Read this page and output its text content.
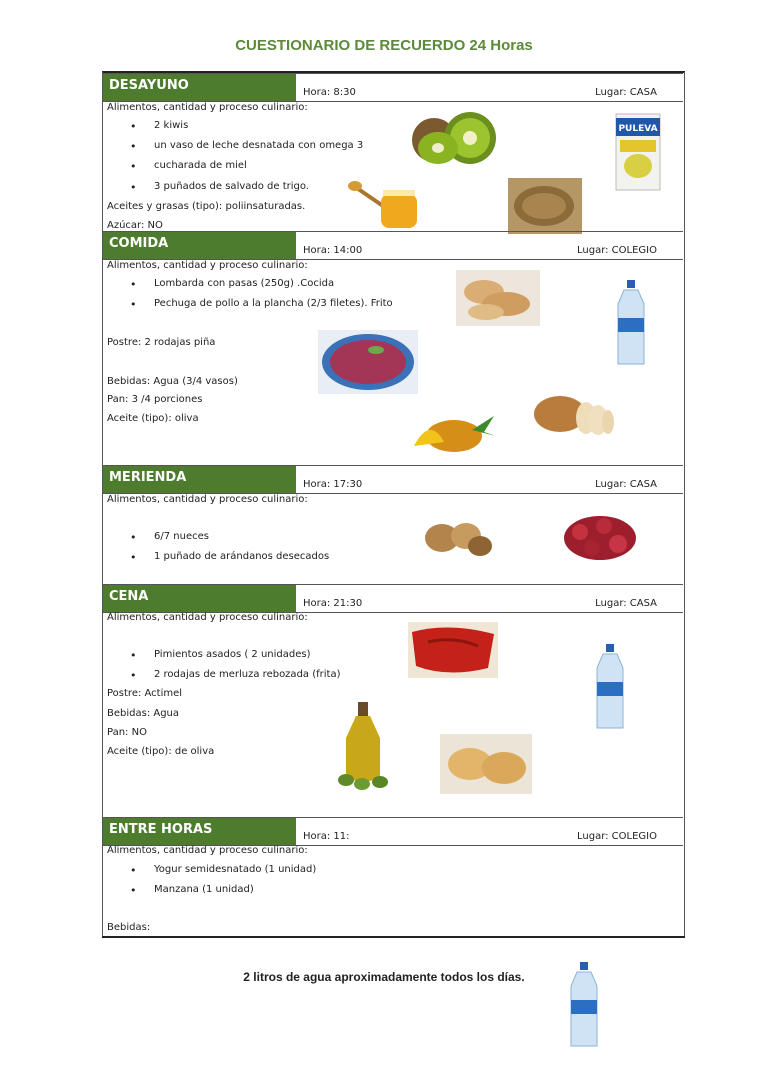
CUESTIONARIO DE RECUERDO 24 Horas
DESAYUNO	Hora: 8:30	Lugar: CASA
Alimentos, cantidad y proceso culinario:
• 2 kiwis
• un vaso de leche desnatada con omega 3
• cucharada de miel
• 3 puñados de salvado de trigo.
Aceites y grasas (tipo): poliinsaturadas.
Azúcar: NO
PULEVA
COMIDA	Hora: 14:00	Lugar: COLEGIO
Alimentos, cantidad y proceso culinario:
• Lombarda con pasas (250g) .Cocida
• Pechuga de pollo a la plancha (2/3 filetes). Frito
Postre: 2 rodajas piña
Bebidas: Agua (3/4 vasos)
Pan: 3 /4 porciones
Aceite (tipo): oliva
MERIENDA	Hora: 17:30	Lugar: CASA
Alimentos, cantidad y proceso culinario:
• 6/7 nueces
• 1 puñado de arándanos desecados
CENA	Hora: 21:30	Lugar: CASA
Alimentos, cantidad y proceso culinario:
• Pimientos asados ( 2 unidades)
• 2 rodajas de merluza rebozada (frita)
Postre: Actimel
Bebidas: Agua
Pan: NO
Aceite (tipo): de oliva
ENTRE HORAS	Hora: 11:	Lugar: COLEGIO
Alimentos, cantidad y proceso culinario:
• Yogur semidesnatado (1 unidad)
• Manzana (1 unidad)
Bebidas:
2 litros de agua aproximadamente todos los días.
